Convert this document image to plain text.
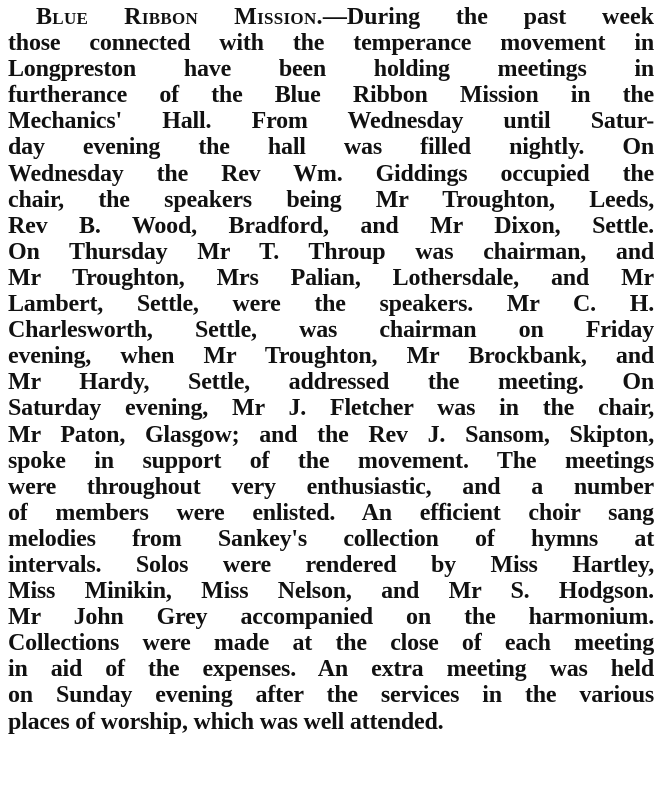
Blue Ribbon Mission.—During the past week
those connected with the temperance movement in
Longpreston have been holding meetings in
furtherance of the Blue Ribbon Mission in the
Mechanics' Hall. From Wednesday until Satur-
day evening the hall was filled nightly. On
Wednesday the Rev Wm. Giddings occupied the
chair, the speakers being Mr Troughton, Leeds,
Rev B. Wood, Bradford, and Mr Dixon, Settle.
On Thursday Mr T. Throup was chairman, and
Mr Troughton, Mrs Palian, Lothersdale, and Mr
Lambert, Settle, were the speakers. Mr C. H.
Charlesworth, Settle, was chairman on Friday
evening, when Mr Troughton, Mr Brockbank, and
Mr Hardy, Settle, addressed the meeting. On
Saturday evening, Mr J. Fletcher was in the chair,
Mr Paton, Glasgow; and the Rev J. Sansom, Skipton,
spoke in support of the movement. The meetings
were throughout very enthusiastic, and a number
of members were enlisted. An efficient choir sang
melodies from Sankey's collection of hymns at
intervals. Solos were rendered by Miss Hartley,
Miss Minikin, Miss Nelson, and Mr S. Hodgson.
Mr John Grey accompanied on the harmonium.
Collections were made at the close of each meeting
in aid of the expenses. An extra meeting was held
on Sunday evening after the services in the various
places of worship, which was well attended.
